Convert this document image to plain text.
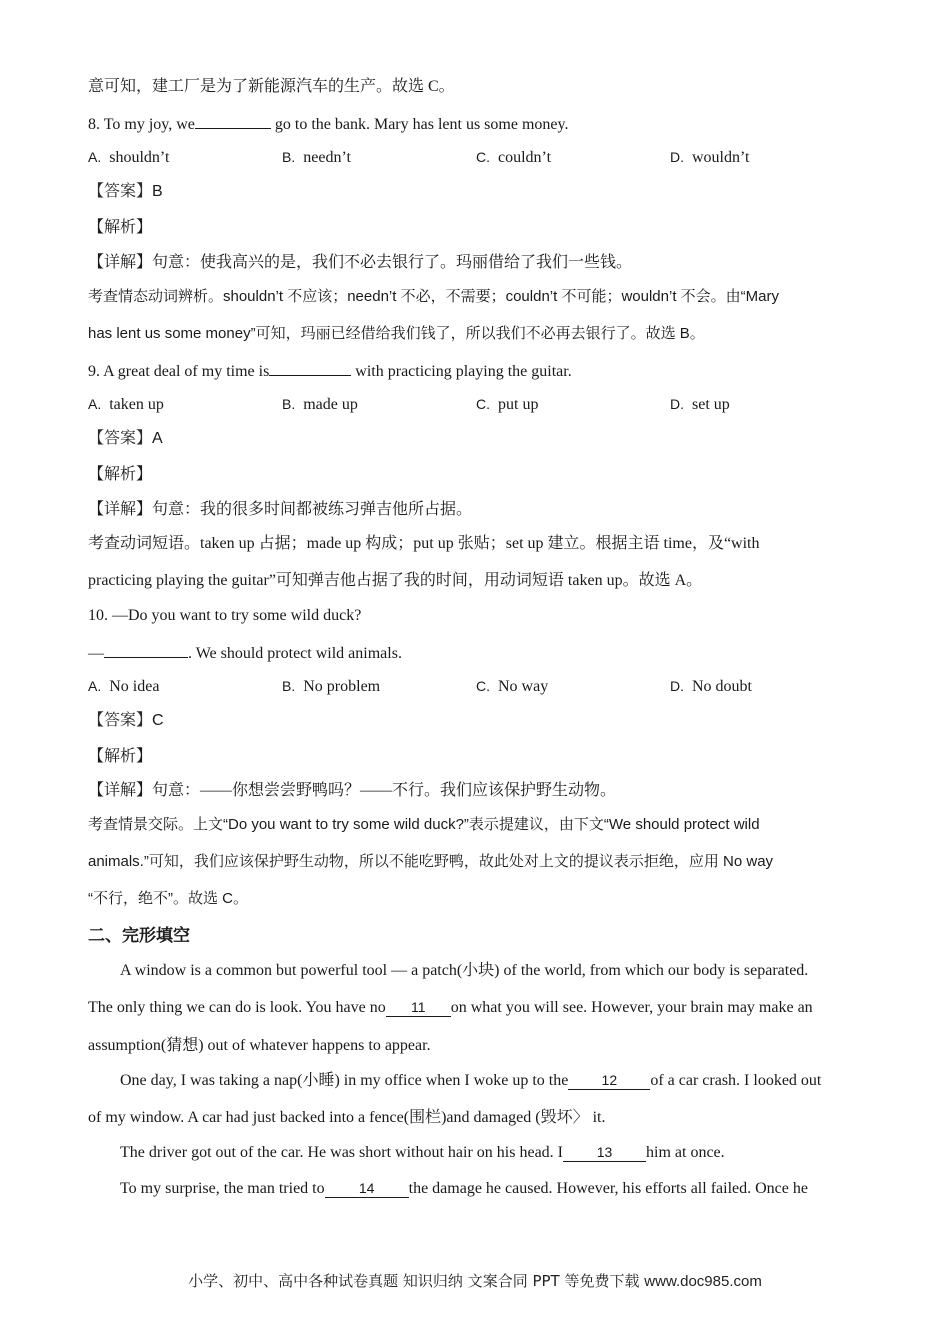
意可知，建工厂是为了新能源汽车的生产。故选 C。
8. To my joy, we	go to the bank. Mary has lent us some money.
A. shouldn’t	B. needn’t	C. couldn’t	D. wouldn’t
【答案】B
【解析】
【详解】句意：使我高兴的是，我们不必去银行了。玛丽借给了我们一些钱。
考查情态动词辨析。shouldn’t 不应该；needn’t 不必，不需要；couldn’t 不可能；wouldn’t 不会。由“Mary
has lent us some money”可知，玛丽已经借给我们钱了，所以我们不必再去银行了。故选 B。
9. A great deal of my time is	with practicing playing the guitar.
A. taken up	B. made up	C. put up	D. set up
【答案】A
【解析】
【详解】句意：我的很多时间都被练习弹吉他所占据。
考查动词短语。taken up 占据；made up 构成；put up 张贴；set up 建立。根据主语 time，及“with
practicing playing the guitar”可知弹吉他占据了我的时间，用动词短语 taken up。故选 A。
10. —Do you want to try some wild duck?
—	. We should protect wild animals.
A. No idea	B. No problem	C. No way	D. No doubt
【答案】C
【解析】
【详解】句意：——你想尝尝野鸭吗？——不行。我们应该保护野生动物。
考查情景交际。上文“Do you want to try some wild duck?”表示提建议，由下文“We should protect wild
animals.”可知，我们应该保护野生动物，所以不能吃野鸭，故此处对上文的提议表示拒绝，应用 No way
“不行，绝不”。故选 C。
二、完形填空
A window is a common but powerful tool — a patch(小块) of the world, from which our body is separated.
The only thing we can do is look. You have no 11 on what you will see. However, your brain may make an
assumption(猜想) out of whatever happens to appear.
One day, I was taking a nap(小睡) in my office when I woke up to the 12 of a car crash. I looked out
of my window. A car had just backed into a fence(围栏)and damaged (毁坏〉 it.
The driver got out of the car. He was short without hair on his head. I 13 him at once.
To my surprise, the man tried to 14 the damage he caused. However, his efforts all failed. Once he
小学、初中、高中各种试卷真题 知识归纳 文案合同 PPT 等免费下载 www.doc985.com
